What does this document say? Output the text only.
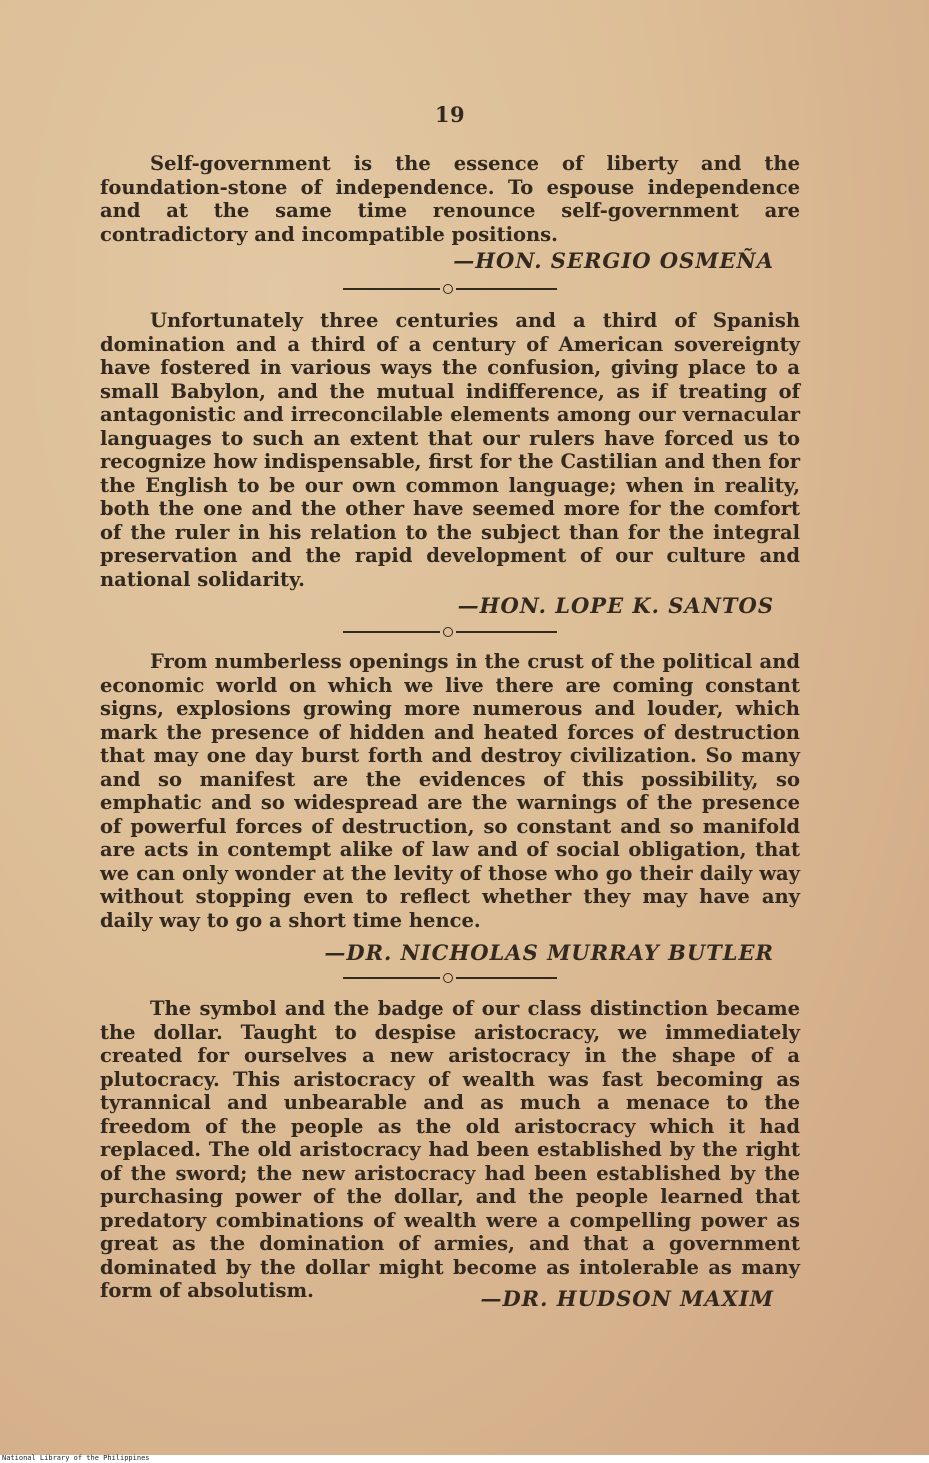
19

Self-government is the essence of liberty and the foundation-stone of independence. To espouse independence and at the same time renounce self-government are contradictory and incompatible positions.

—HON. SERGIO OSMEÑA

Unfortunately three centuries and a third of Spanish domination and a third of a century of American sovereignty have fostered in various ways the confusion, giving place to a small Babylon, and the mutual indifference, as if treating of antagonistic and irreconcilable elements among our vernacular languages to such an extent that our rulers have forced us to recognize how indispensable, first for the Castilian and then for the English to be our own common language; when in reality, both the one and the other have seemed more for the comfort of the ruler in his relation to the subject than for the integral preservation and the rapid development of our culture and national solidarity.

—HON. LOPE K. SANTOS

From numberless openings in the crust of the political and economic world on which we live there are coming constant signs, explosions growing more numerous and louder, which mark the presence of hidden and heated forces of destruction that may one day burst forth and destroy civilization. So many and so manifest are the evidences of this possibility, so emphatic and so widespread are the warnings of the presence of powerful forces of destruction, so constant and so manifold are acts in contempt alike of law and of social obligation, that we can only wonder at the levity of those who go their daily way without stopping even to reflect whether they may have any daily way to go a short time hence.

—DR. NICHOLAS MURRAY BUTLER

The symbol and the badge of our class distinction became the dollar. Taught to despise aristocracy, we immediately created for ourselves a new aristocracy in the shape of a plutocracy. This aristocracy of wealth was fast becoming as tyrannical and unbearable and as much a menace to the freedom of the people as the old aristocracy which it had replaced. The old aristocracy had been established by the right of the sword; the new aristocracy had been established by the purchasing power of the dollar, and the people learned that predatory combinations of wealth were a compelling power as great as the domination of armies, and that a government dominated by the dollar might become as intolerable as many form of absolutism.	—DR. HUDSON MAXIM
National Library of the Philippines
